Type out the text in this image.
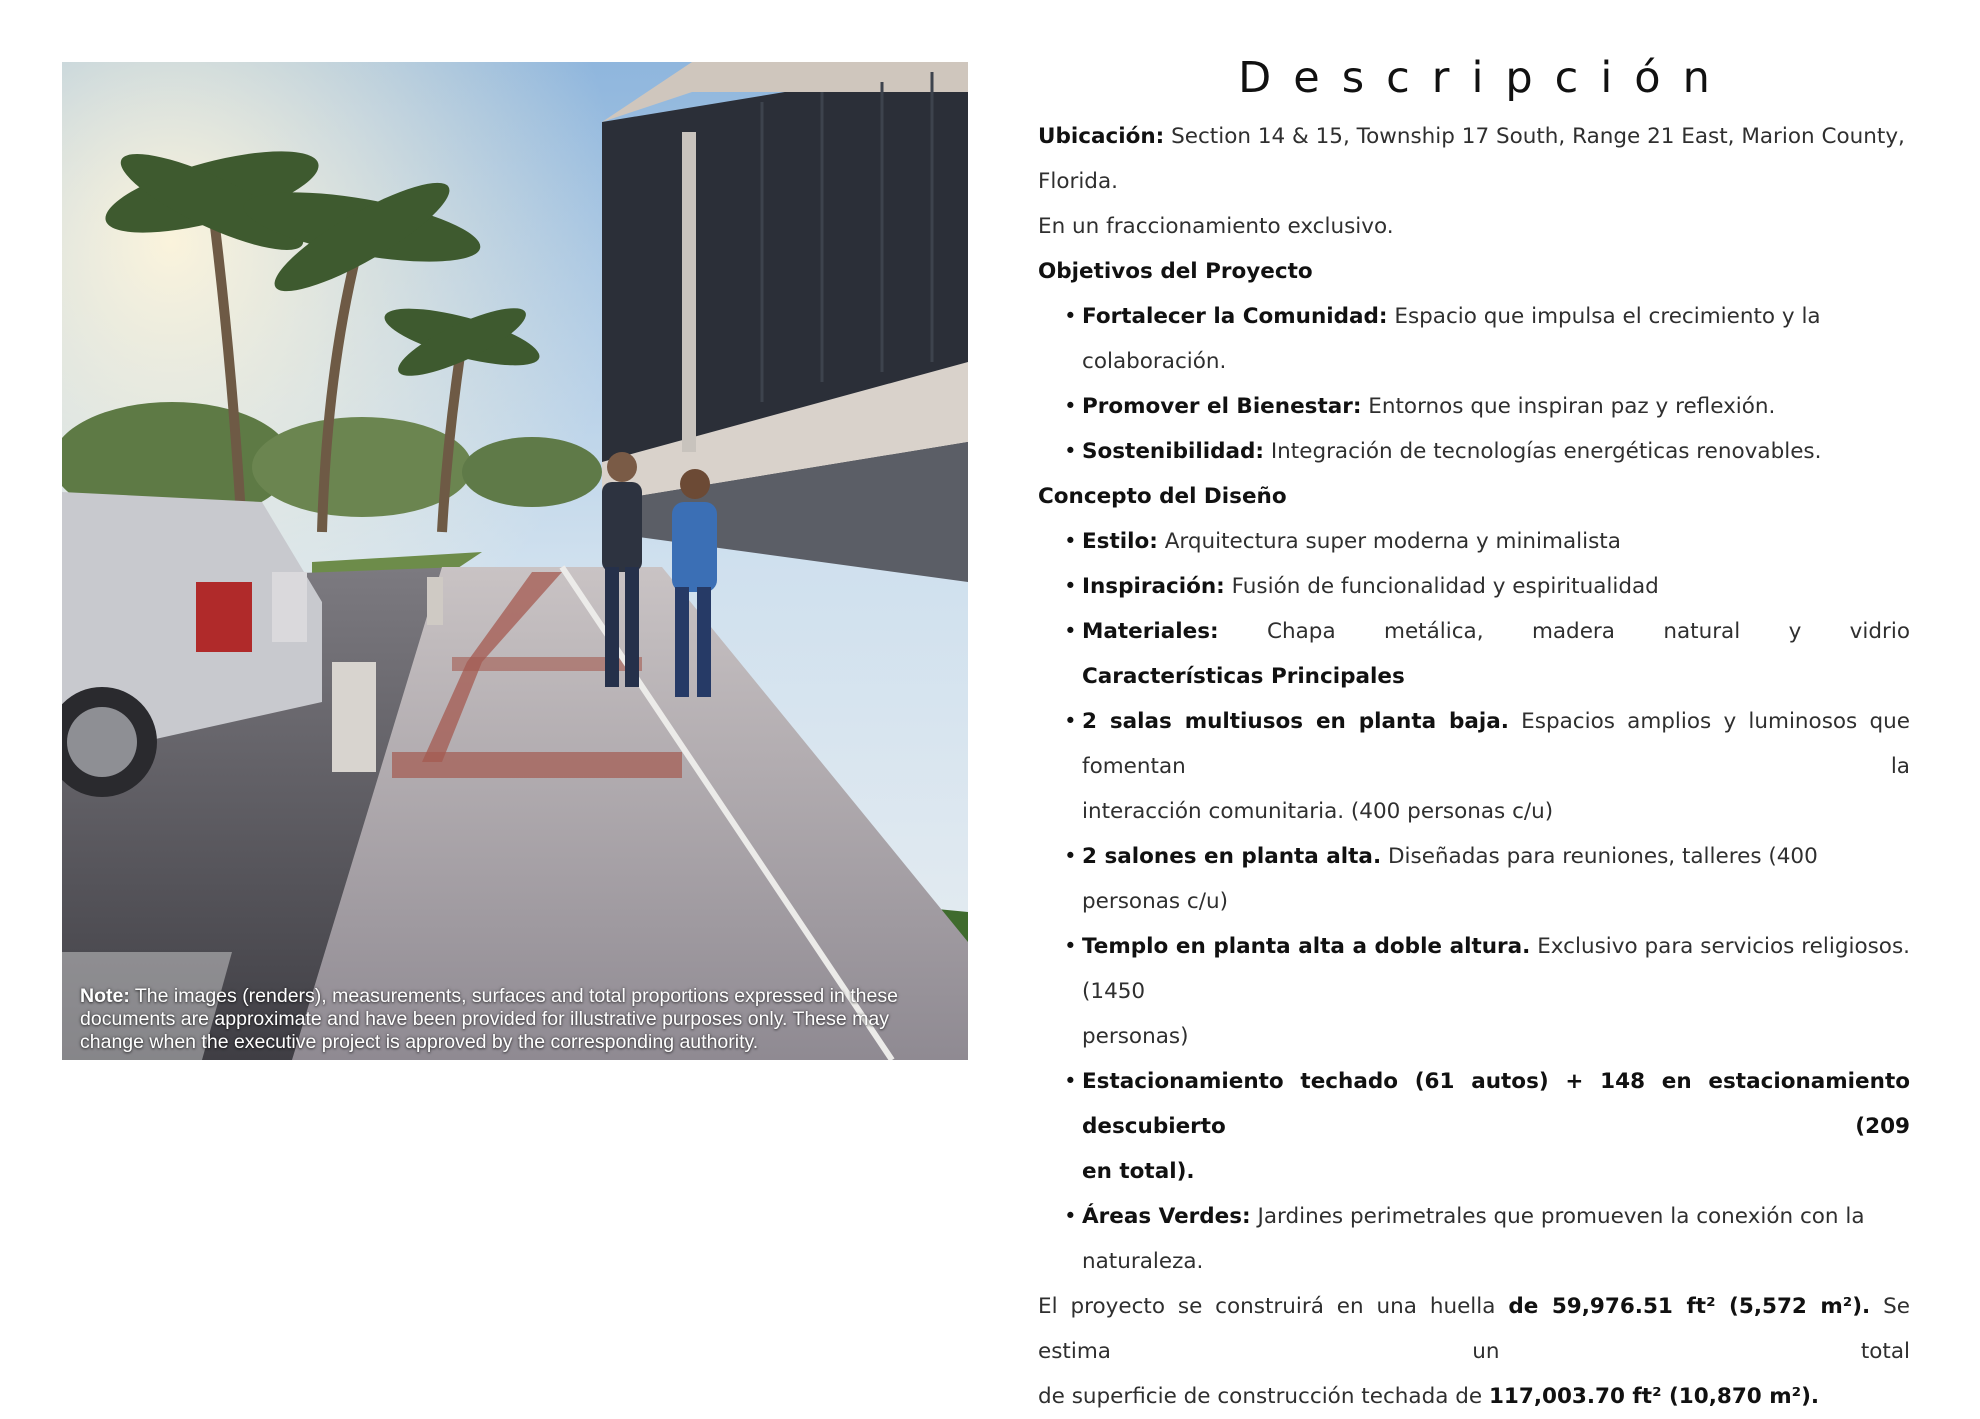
Note: The images (renders), measurements, surfaces and total proportions expressed in these documents are approximate and have been provided for illustrative purposes only. These may change when the executive project is approved by the corresponding authority.
Descripción
Ubicación: Section 14 & 15, Township 17 South, Range 21 East, Marion County, Florida.
En un fraccionamiento exclusivo.
Objetivos del Proyecto
• Fortalecer la Comunidad: Espacio que impulsa el crecimiento y la colaboración.
• Promover el Bienestar: Entornos que inspiran paz y reflexión.
• Sostenibilidad: Integración de tecnologías energéticas renovables.
Concepto del Diseño
• Estilo: Arquitectura super moderna y minimalista
• Inspiración: Fusión de funcionalidad y espiritualidad
• Materiales: Chapa metálica, madera natural y vidrio
Características Principales
• 2 salas multiusos en planta baja. Espacios amplios y luminosos que fomentan la
interacción comunitaria. (400 personas c/u)
• 2 salones en planta alta. Diseñadas para reuniones, talleres (400 personas c/u)
• Templo en planta alta a doble altura. Exclusivo para servicios religiosos. (1450
personas)
• Estacionamiento techado (61 autos) + 148 en estacionamiento descubierto (209
en total).
• Áreas Verdes: Jardines perimetrales que promueven la conexión con la naturaleza.
El proyecto se construirá en una huella de 59,976.51 ft² (5,572 m²). Se estima un total
de superficie de construcción techada de 117,003.70 ft² (10,870 m²).
